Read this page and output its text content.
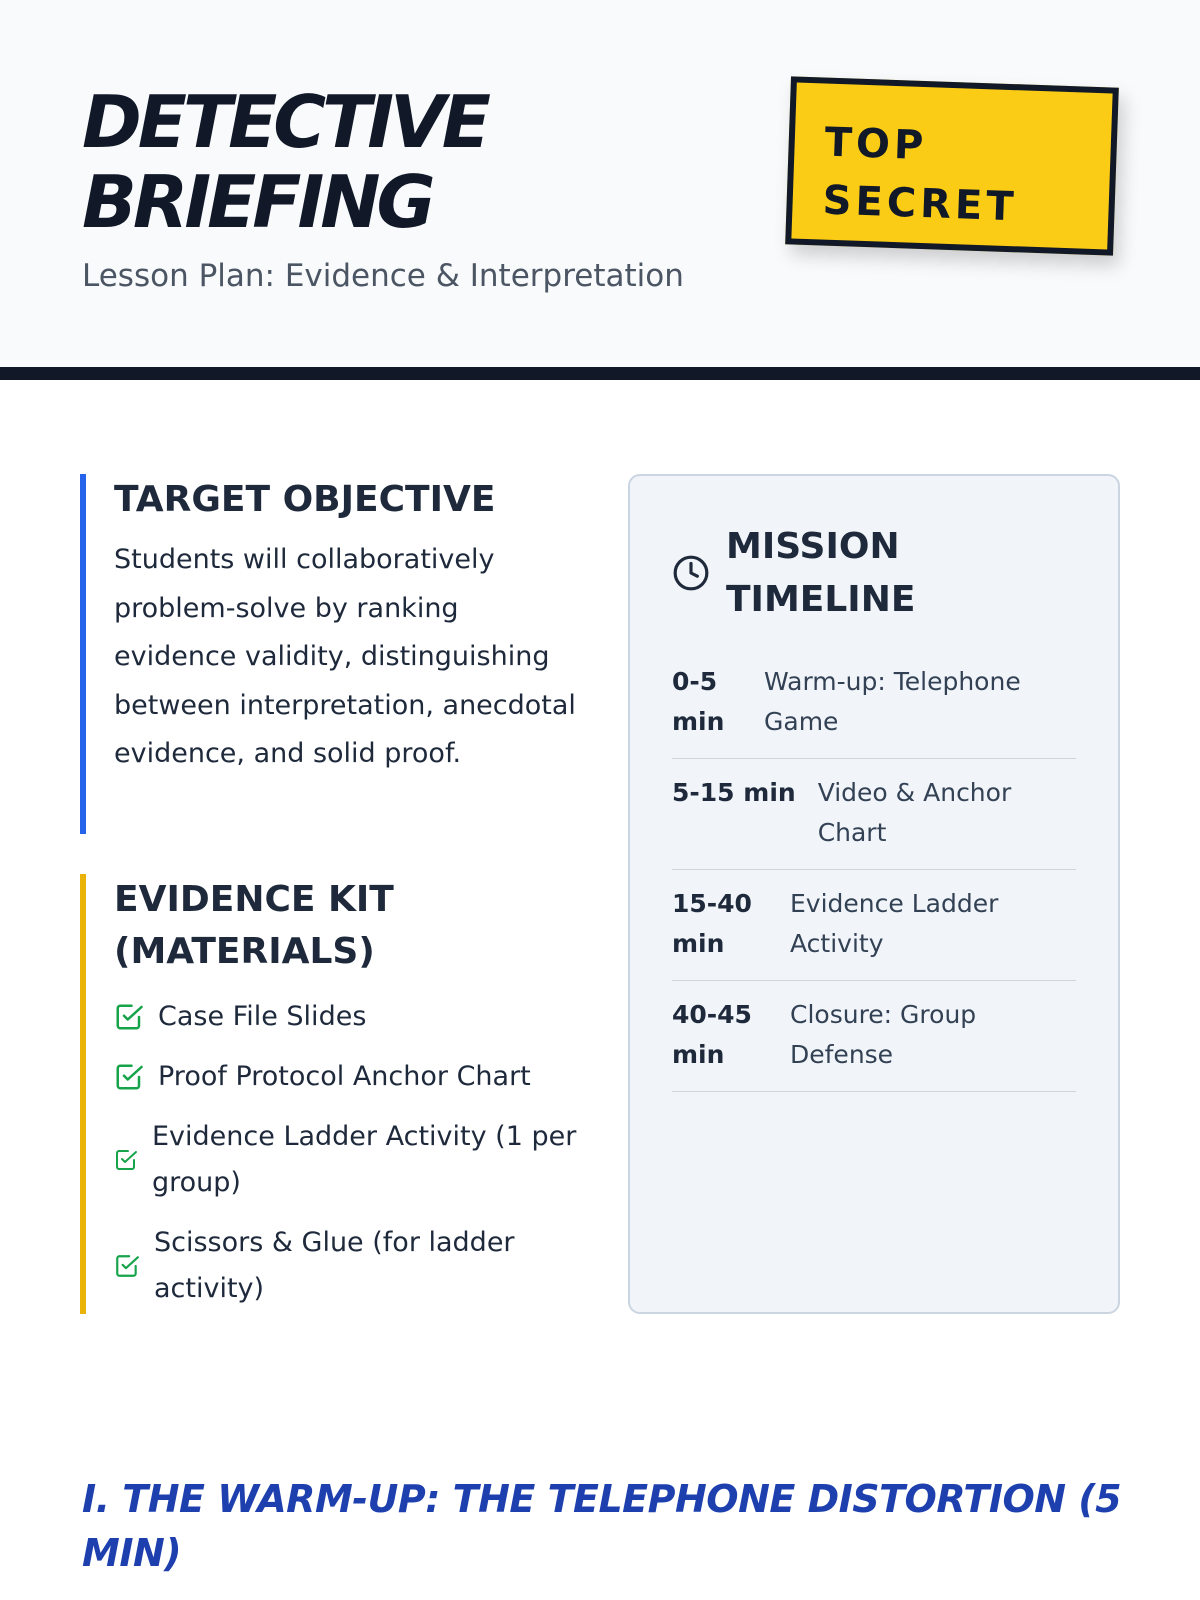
DETECTIVE
BRIEFING
Lesson Plan: Evidence & Interpretation
TOP
SECRET
TARGET OBJECTIVE

Students will collaboratively problem-solve by ranking evidence validity, distinguishing between interpretation, anecdotal evidence, and solid proof.

EVIDENCE KIT (MATERIALS)
Case File Slides
Proof Protocol Anchor Chart
Evidence Ladder Activity (1 per group)
Scissors & Glue (for ladder activity)
MISSION TIMELINE
0-5 min
Warm-up: Telephone Game
5-15 min Video & Anchor Chart
15-40 min
Evidence Ladder Activity
40-45 min
Closure: Group Defense
I. THE WARM-UP: THE TELEPHONE DISTORTION (5 MIN)
